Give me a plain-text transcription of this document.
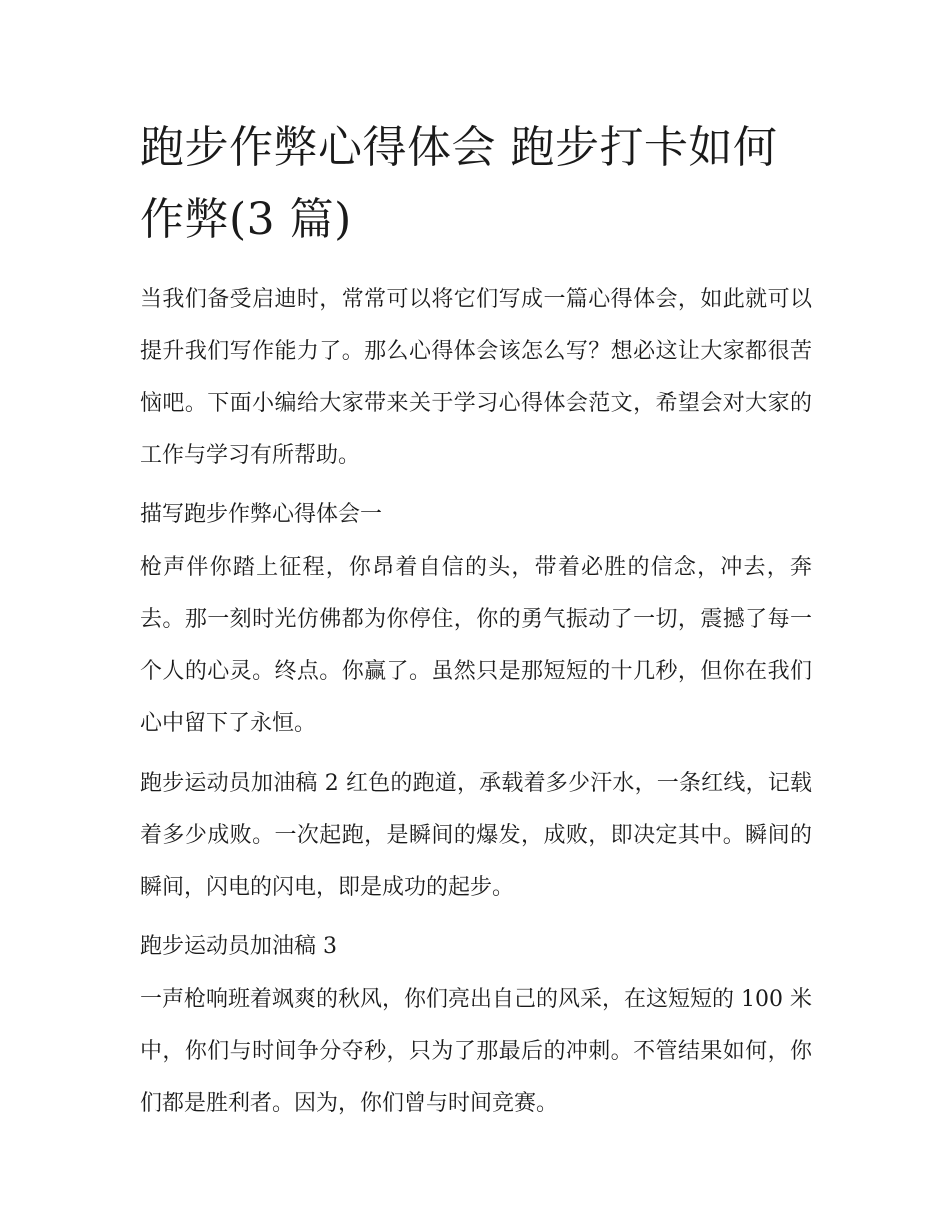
跑步作弊心得体会 跑步打卡如何作弊(3 篇)

当我们备受启迪时，常常可以将它们写成一篇心得体会，如此就可以提升我们写作能力了。那么心得体会该怎么写？想必这让大家都很苦恼吧。下面小编给大家带来关于学习心得体会范文，希望会对大家的工作与学习有所帮助。

描写跑步作弊心得体会一

枪声伴你踏上征程，你昂着自信的头，带着必胜的信念，冲去，奔去。那一刻时光仿佛都为你停住，你的勇气振动了一切，震撼了每一个人的心灵。终点。你赢了。虽然只是那短短的十几秒，但你在我们心中留下了永恒。

跑步运动员加油稿 2 红色的跑道，承载着多少汗水，一条红线，记载着多少成败。一次起跑，是瞬间的爆发，成败，即决定其中。瞬间的瞬间，闪电的闪电，即是成功的起步。

跑步运动员加油稿 3

一声枪响班着飒爽的秋风，你们亮出自己的风采，在这短短的 100 米中，你们与时间争分夺秒，只为了那最后的冲刺。不管结果如何，你们都是胜利者。因为，你们曾与时间竞赛。
